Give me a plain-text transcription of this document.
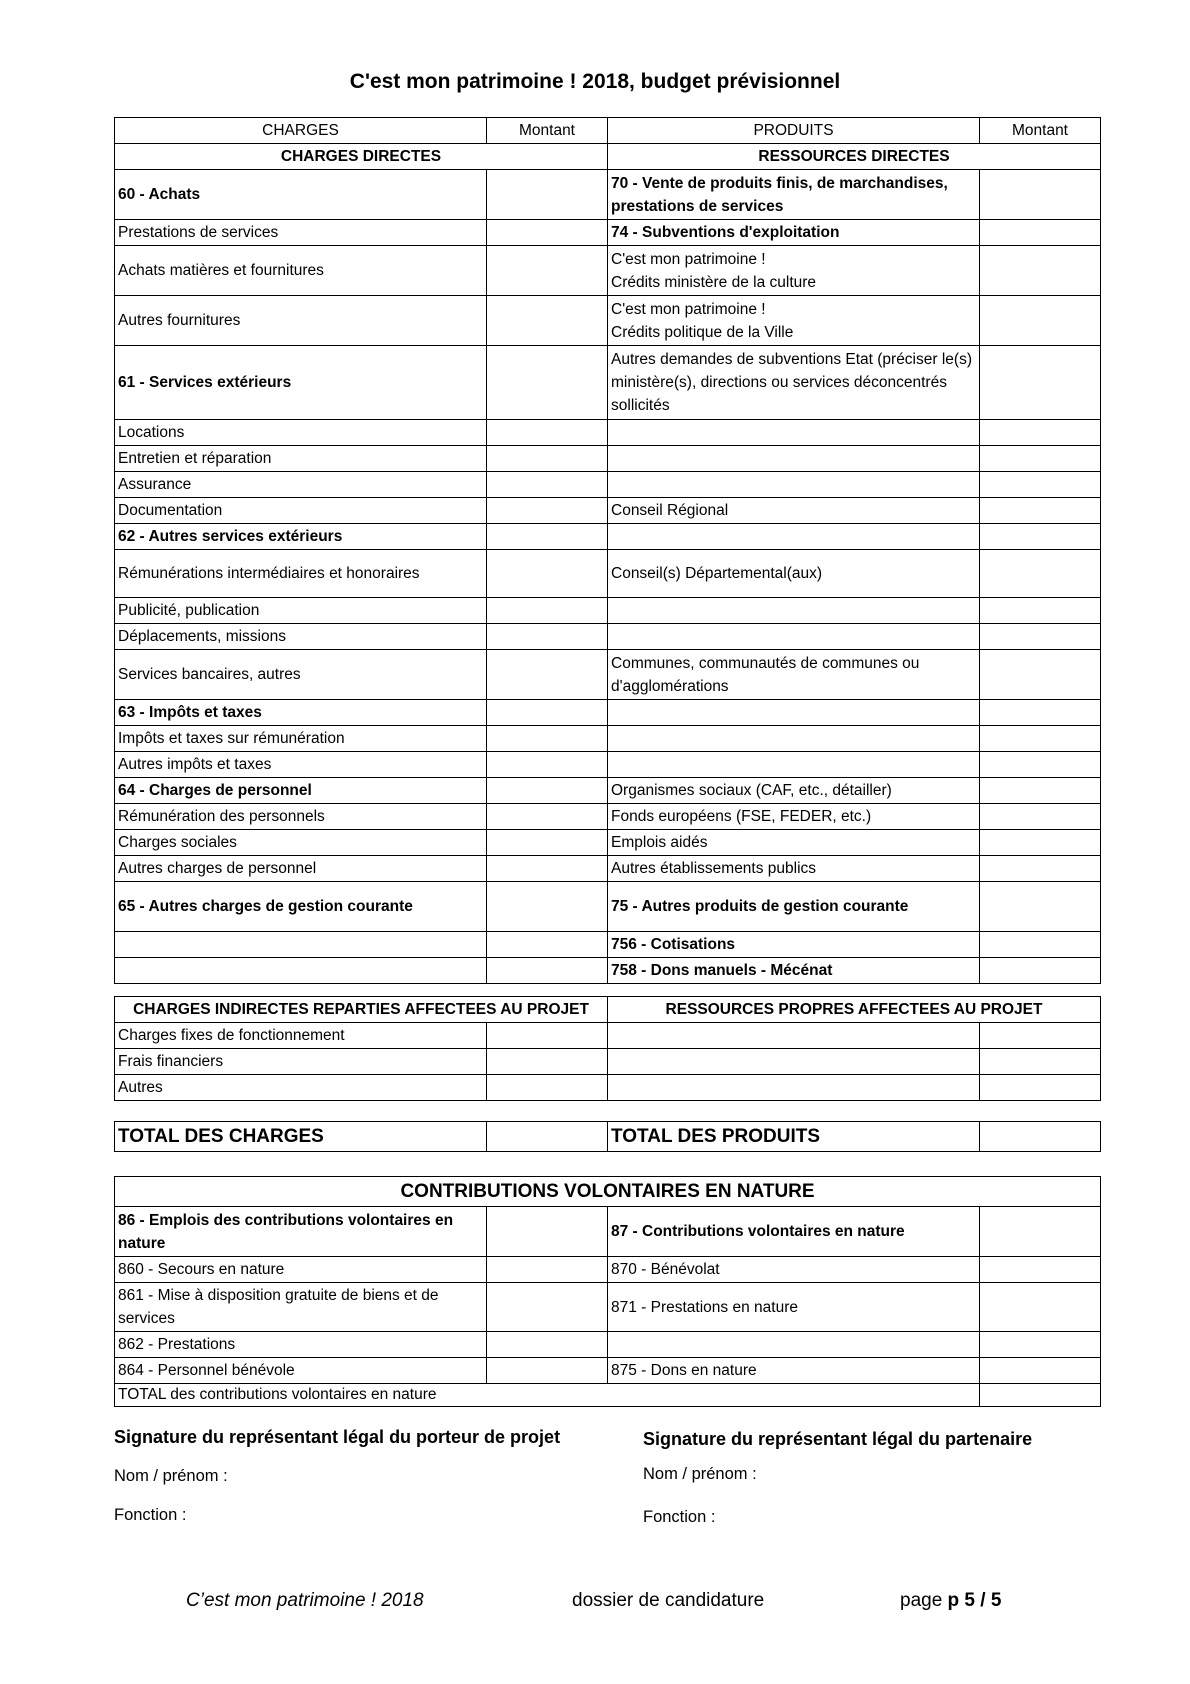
C'est mon patrimoine ! 2018, budget prévisionnel
CHARGES	Montant	PRODUITS	Montant
CHARGES DIRECTES		RESSOURCES DIRECTES	
60 - Achats		70 - Vente de produits finis, de marchandises, prestations de services	
Prestations de services		74 - Subventions d'exploitation	
Achats matières et fournitures		C'est mon patrimoine !
Crédits ministère de la culture	
Autres fournitures		C'est mon patrimoine !
Crédits politique de la Ville	
61 - Services extérieurs		Autres demandes de subventions Etat (préciser le(s) ministère(s), directions ou services déconcentrés sollicités	
Locations			
Entretien et réparation			
Assurance			
Documentation		Conseil Régional	
62 - Autres services extérieurs			
Rémunérations intermédiaires et honoraires		Conseil(s) Départemental(aux)	
Publicité, publication			
Déplacements, missions			
Services bancaires, autres		Communes, communautés de communes ou d'agglomérations	
63 - Impôts et taxes			
Impôts et taxes sur rémunération			
Autres impôts et taxes			
64 - Charges de personnel		Organismes sociaux (CAF, etc., détailler)	
Rémunération des personnels		Fonds européens (FSE, FEDER, etc.)	
Charges sociales		Emplois aidés	
Autres charges de personnel		Autres établissements publics	
65 - Autres charges de gestion courante		75 - Autres produits de gestion courante	
		756 - Cotisations	
		758 - Dons manuels - Mécénat	
CHARGES INDIRECTES REPARTIES AFFECTEES AU PROJET		RESSOURCES PROPRES AFFECTEES AU PROJET	
Charges fixes de fonctionnement			
Frais financiers			
Autres			
TOTAL DES CHARGES		TOTAL DES PRODUITS	
CONTRIBUTIONS VOLONTAIRES EN NATURE			
86 - Emplois des contributions volontaires en nature		87 - Contributions volontaires en nature	
860 - Secours en nature		870 - Bénévolat	
861 - Mise à disposition gratuite de biens et de services		871 - Prestations en nature	
862 - Prestations			
864 - Personnel bénévole		875 - Dons en nature	
TOTAL des contributions volontaires en nature			
Signature du représentant légal du porteur de projet	Signature du représentant légal du partenaire
Nom / prénom :	Nom / prénom :
Fonction :	Fonction :
C’est mon patrimoine ! 2018	dossier de candidature	page p 5 / 5
